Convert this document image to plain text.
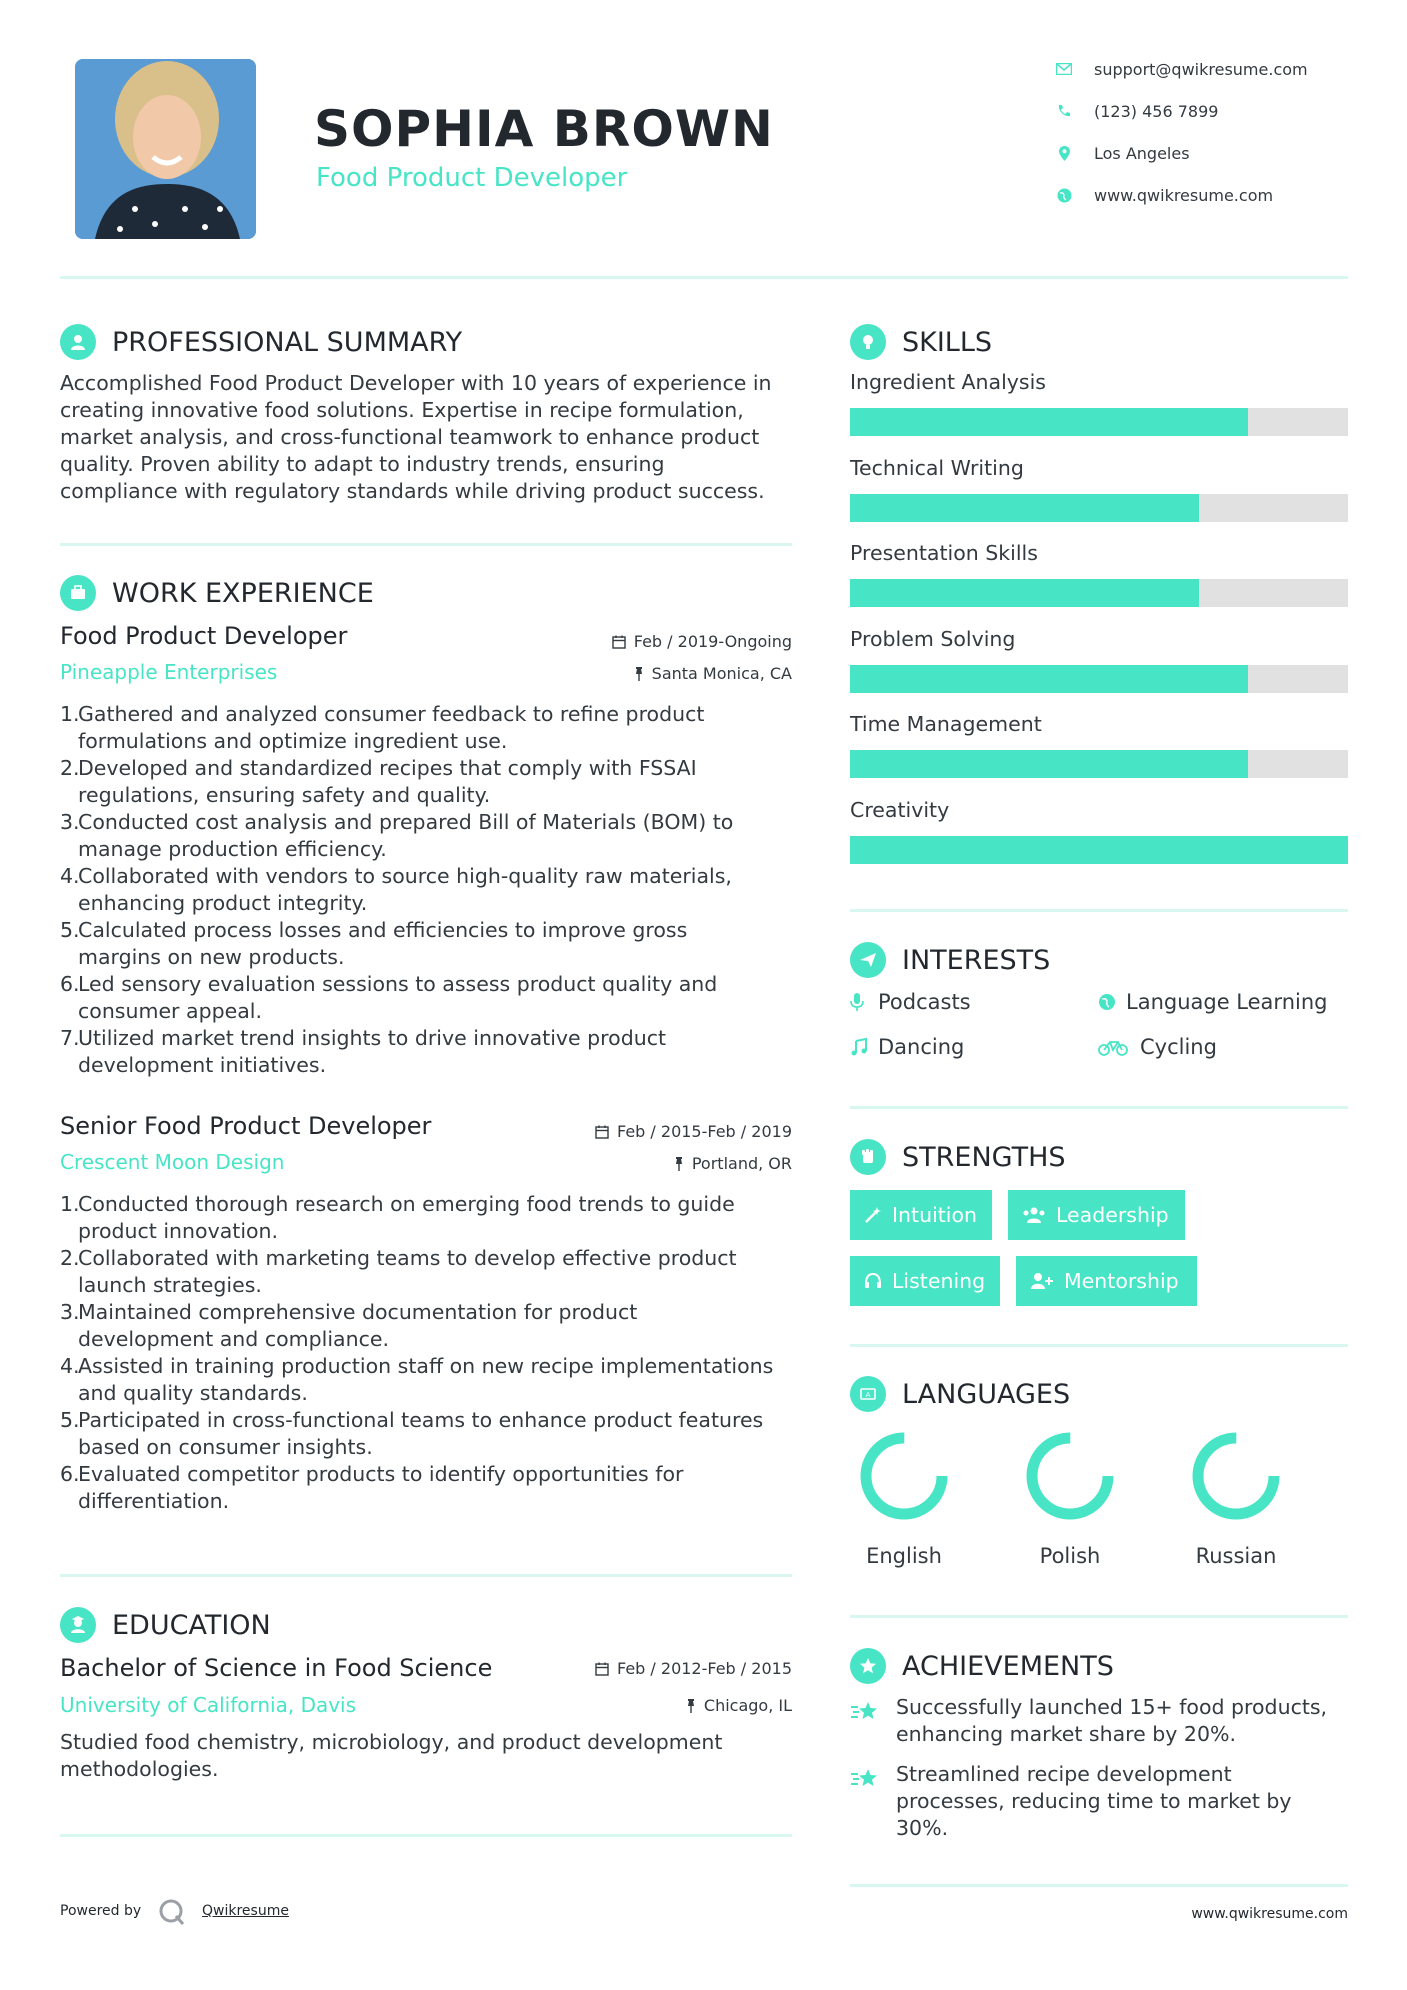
SOPHIA BROWN
Food Product Developer
support@qwikresume.com
(123) 456 7899
Los Angeles
www.qwikresume.com
PROFESSIONAL SUMMARY
Accomplished Food Product Developer with 10 years of experience in
creating innovative food solutions. Expertise in recipe formulation,
market analysis, and cross-functional teamwork to enhance product
quality. Proven ability to adapt to industry trends, ensuring
compliance with regulatory standards while driving product success.
WORK EXPERIENCE
Food Product Developer
Pineapple Enterprises
Feb / 2019-Ongoing
Santa Monica, CA
1.
Gathered and analyzed consumer feedback to refine product
formulations and optimize ingredient use.
2.
Developed and standardized recipes that comply with FSSAI
regulations, ensuring safety and quality.
3.
Conducted cost analysis and prepared Bill of Materials (BOM) to
manage production efficiency.
4.
Collaborated with vendors to source high-quality raw materials,
enhancing product integrity.
5.
Calculated process losses and efficiencies to improve gross
margins on new products.
6.
Led sensory evaluation sessions to assess product quality and
consumer appeal.
7.
Utilized market trend insights to drive innovative product
development initiatives.
Senior Food Product Developer
Crescent Moon Design
Feb / 2015-Feb / 2019
Portland, OR
1.
Conducted thorough research on emerging food trends to guide
product innovation.
2.
Collaborated with marketing teams to develop effective product
launch strategies.
3.
Maintained comprehensive documentation for product
development and compliance.
4.
Assisted in training production staff on new recipe implementations
and quality standards.
5.
Participated in cross-functional teams to enhance product features
based on consumer insights.
6.
Evaluated competitor products to identify opportunities for
differentiation.
EDUCATION
Bachelor of Science in Food Science
University of California, Davis
Feb / 2012-Feb / 2015
Chicago, IL
Studied food chemistry, microbiology, and product development
methodologies.
SKILLS
Ingredient Analysis
Technical Writing
Presentation Skills
Problem Solving
Time Management
Creativity
INTERESTS
Podcasts	Language Learning
Dancing	Cycling
STRENGTHS
Intuition	Leadership
Listening	Mentorship
A LANGUAGES
English	Polish	Russian
ACHIEVEMENTS
Successfully launched 15+ food products,
enhancing market share by 20%.
Streamlined recipe development
processes, reducing time to market by
30%.
Powered by	Qwikresume	www.qwikresume.com
